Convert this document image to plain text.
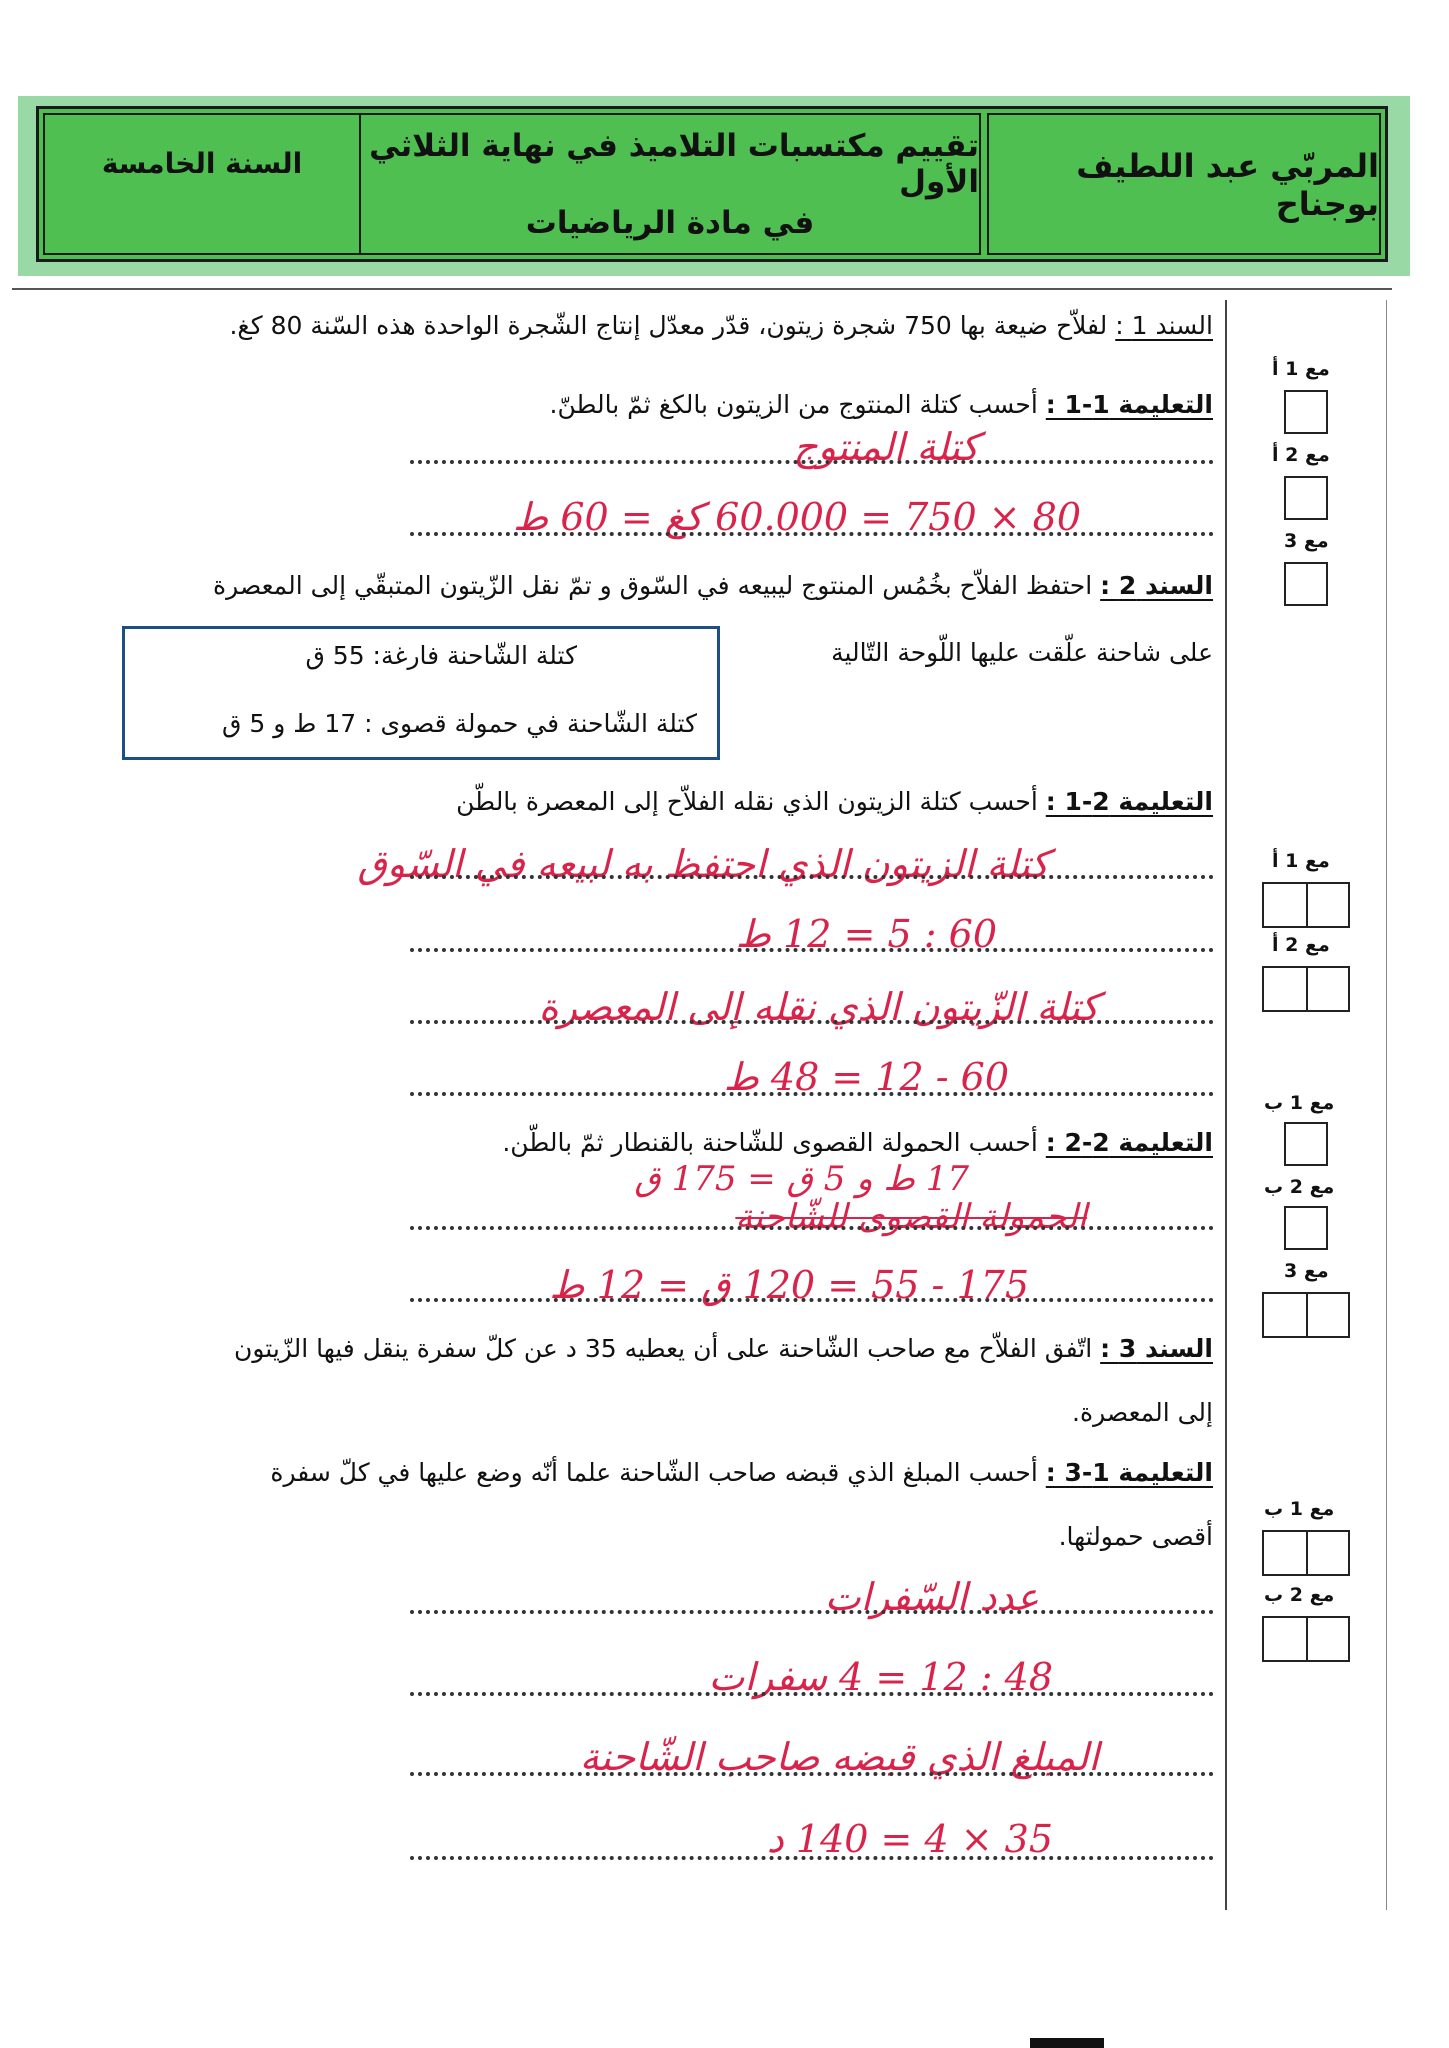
المربّي عبد اللطيف بوجناح
تقييم مكتسبات التلاميذ في نهاية الثلاثي الأول
في مادة الرياضيات
السنة الخامسة
السند 1 : لفلاّح ضيعة بها 750 شجرة زيتون، قدّر معدّل إنتاج الشّجرة الواحدة هذه السّنة 80 كغ.
التعليمة 1-1 : أحسب كتلة المنتوج من الزيتون بالكغ ثمّ بالطنّ.
كتلة المنتوج
80 × 750 = 60.000 كغ = 60 ط
السند 2 : احتفظ الفلاّح بخُمُس المنتوج ليبيعه في السّوق و تمّ نقل الزّيتون المتبقّي إلى المعصرة
على شاحنة علّقت عليها اللّوحة التّالية
كتلة الشّاحنة فارغة: 55 ق
كتلة الشّاحنة في حمولة قصوى : 17 ط و 5 ق
التعليمة 2-1 : أحسب كتلة الزيتون الذي نقله الفلاّح إلى المعصرة بالطّن
كتلة الزيتون الذي احتفظ به لبيعه في السّوق
60 : 5 = 12 ط
كتلة الزّيتون الذي نقله إلى المعصرة
60 - 12 = 48 ط
التعليمة 2-2 : أحسب الحمولة القصوى للشّاحنة بالقنطار ثمّ بالطّن.
17 ط و 5 ق = 175 ق
الحمولة القصوى للشّاحنة
175 - 55 = 120 ق = 12 ط
السند 3 : اتّفق الفلاّح مع صاحب الشّاحنة على أن يعطيه 35 د عن كلّ سفرة ينقل فيها الزّيتون
إلى المعصرة.
التعليمة 1-3 : أحسب المبلغ الذي قبضه صاحب الشّاحنة علما أنّه وضع عليها في كلّ سفرة
أقصى حمولتها.
عدد السّفرات
48 : 12 = 4 سفرات
المبلغ الذي قبضه صاحب الشّاحنة
35 × 4 = 140 د
مع 1 أ
مع 2 أ
مع 3
مع 1 أ
مع 2 أ
مع 1 ب
مع 2 ب
مع 3
مع 1 ب
مع 2 ب
